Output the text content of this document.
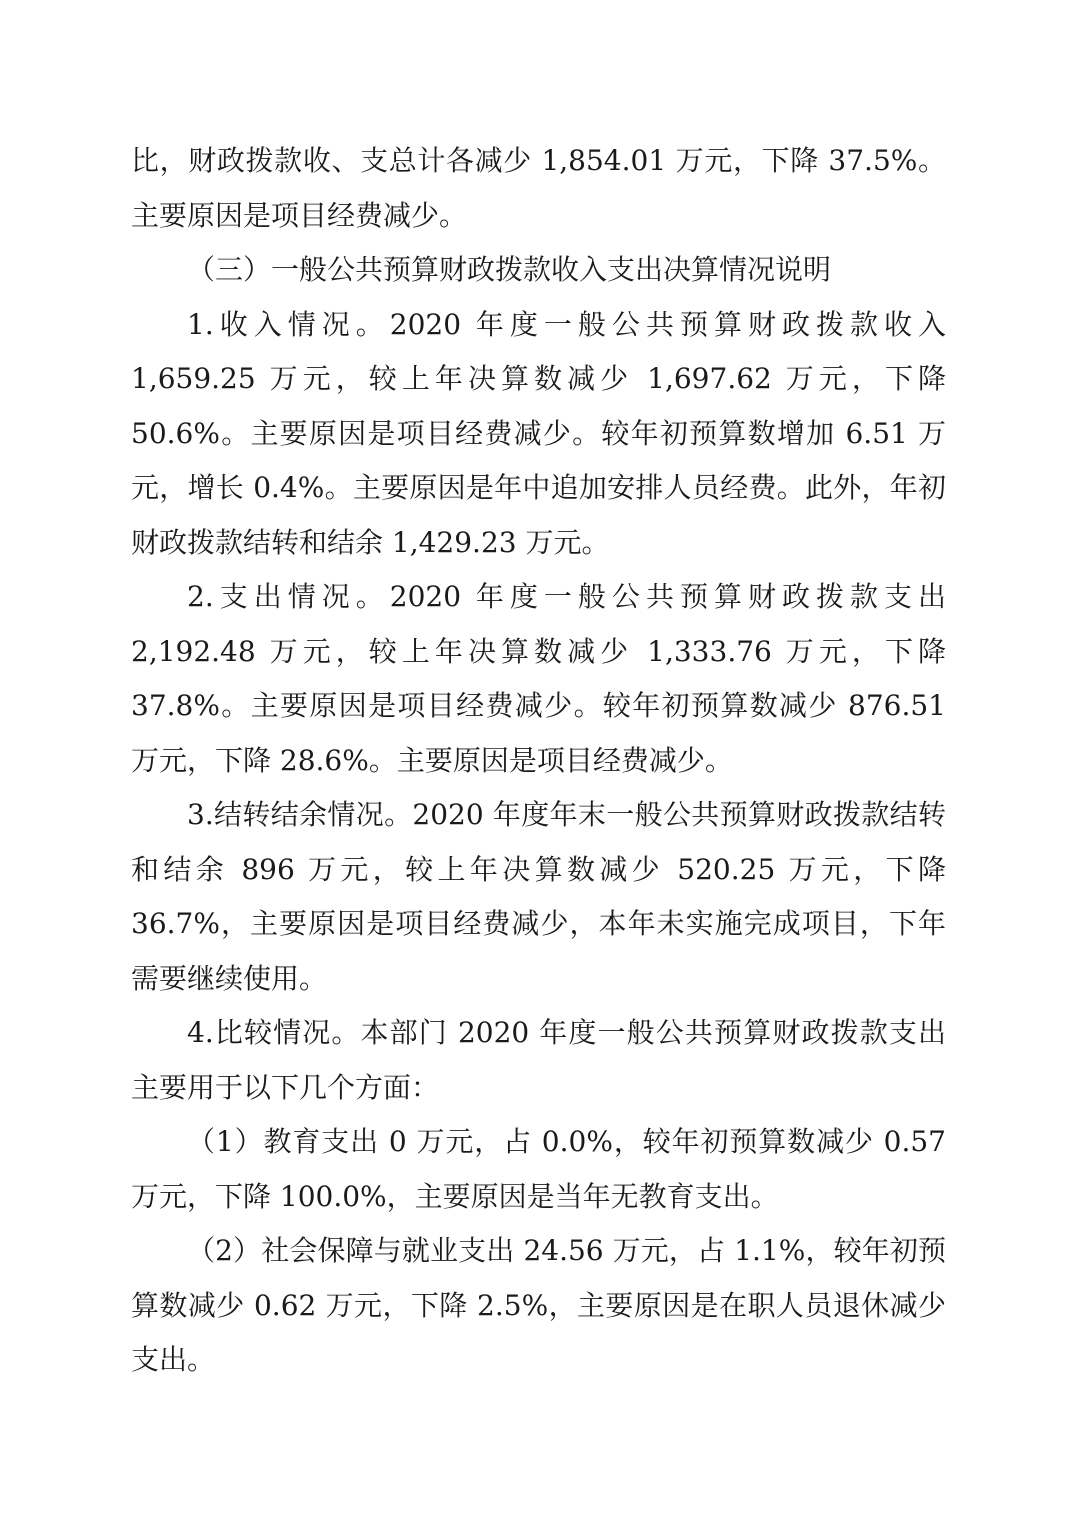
比，财政拨款收、支总计各减少 1,854.01 万元，下降 37.5%。主要原因是项目经费减少。

（三）一般公共预算财政拨款收入支出决算情况说明

1.收入情况。2020 年度一般公共预算财政拨款收入 1,659.25 万元，较上年决算数减少 1,697.62 万元，下降 50.6%。主要原因是项目经费减少。较年初预算数增加 6.51 万元，增长 0.4%。主要原因是年中追加安排人员经费。此外，年初财政拨款结转和结余 1,429.23 万元。

2.支出情况。2020 年度一般公共预算财政拨款支出 2,192.48 万元，较上年决算数减少 1,333.76 万元，下降 37.8%。主要原因是项目经费减少。较年初预算数减少 876.51 万元，下降 28.6%。主要原因是项目经费减少。

3.结转结余情况。2020 年度年末一般公共预算财政拨款结转和结余 896 万元，较上年决算数减少 520.25 万元，下降 36.7%，主要原因是项目经费减少，本年未实施完成项目，下年需要继续使用。

4.比较情况。本部门 2020 年度一般公共预算财政拨款支出主要用于以下几个方面：

（1）教育支出 0 万元，占 0.0%，较年初预算数减少 0.57 万元，下降 100.0%，主要原因是当年无教育支出。

（2）社会保障与就业支出 24.56 万元，占 1.1%，较年初预算数减少 0.62 万元，下降 2.5%，主要原因是在职人员退休减少支出。
